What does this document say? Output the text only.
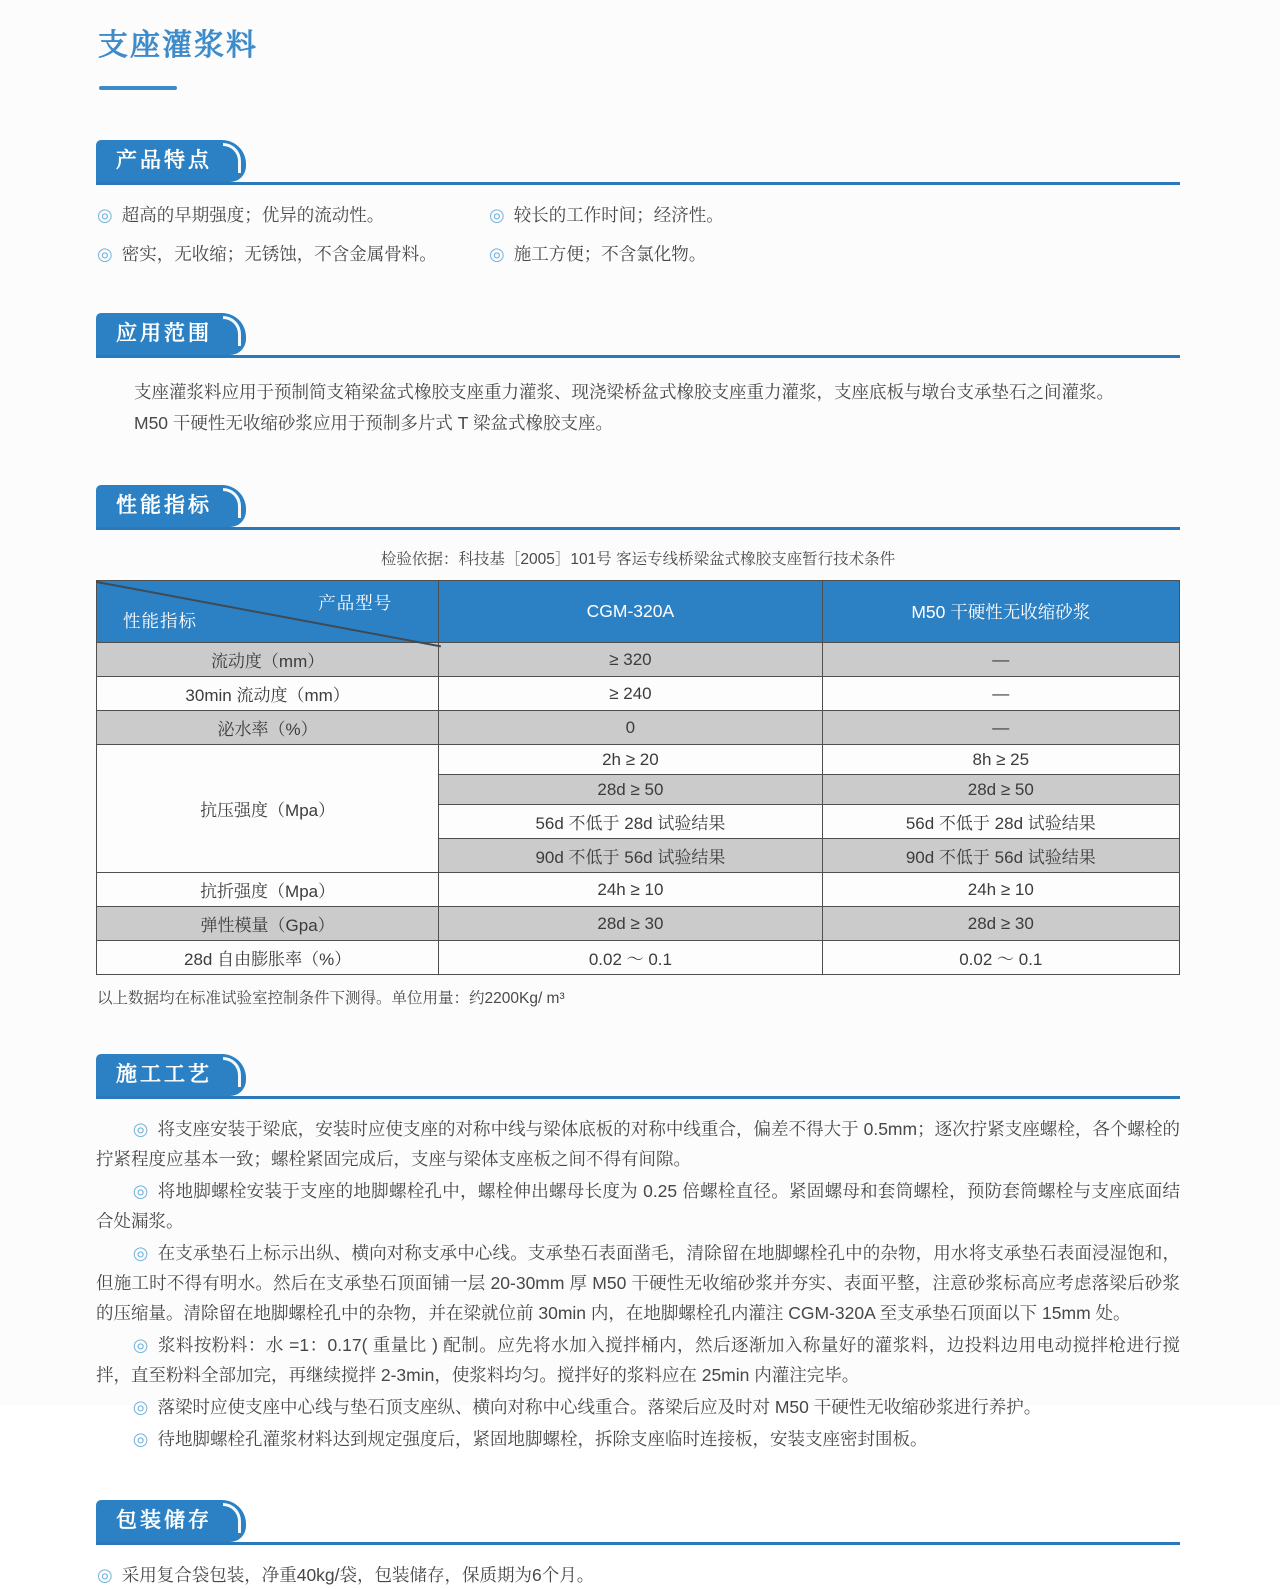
支座灌浆料
产品特点
◎ 超高的早期强度；优异的流动性。	◎ 较长的工作时间；经济性。
◎ 密实，无收缩；无锈蚀，不含金属骨料。	◎ 施工方便；不含氯化物。
应用范围

支座灌浆料应用于预制简支箱梁盆式橡胶支座重力灌浆、现浇梁桥盆式橡胶支座重力灌浆，支座底板与墩台支承垫石之间灌浆。

M50 干硬性无收缩砂浆应用于预制多片式 T 梁盆式橡胶支座。

性能指标

检验依据：科技基［2005］101号 客运专线桥梁盆式橡胶支座暂行技术条件

产品型号
性能指标	CGM-320A	M50 干硬性无收缩砂浆
流动度（mm）	≥ 320	—
30min 流动度（mm）	≥ 240	—
泌水率（%）	0	—
抗压强度（Mpa）	2h ≥ 20	8h ≥ 25
	28d ≥ 50	28d ≥ 50
	56d 不低于 28d 试验结果	56d 不低于 28d 试验结果
	90d 不低于 56d 试验结果	90d 不低于 56d 试验结果
抗折强度（Mpa）	24h ≥ 10	24h ≥ 10
弹性模量（Gpa）	28d ≥ 30	28d ≥ 30
28d 自由膨胀率（%）	0.02 ～ 0.1	0.02 ～ 0.1

以上数据均在标准试验室控制条件下测得。单位用量：约2200Kg/ m³

施工工艺

◎ 将支座安装于梁底，安装时应使支座的对称中线与梁体底板的对称中线重合，偏差不得大于 0.5mm；逐次拧紧支座螺栓，各个螺栓的拧紧程度应基本一致；螺栓紧固完成后，支座与梁体支座板之间不得有间隙。

◎ 将地脚螺栓安装于支座的地脚螺栓孔中，螺栓伸出螺母长度为 0.25 倍螺栓直径。紧固螺母和套筒螺栓，预防套筒螺栓与支座底面结合处漏浆。

◎ 在支承垫石上标示出纵、横向对称支承中心线。支承垫石表面凿毛，清除留在地脚螺栓孔中的杂物，用水将支承垫石表面浸湿饱和，但施工时不得有明水。然后在支承垫石顶面铺一层 20-30mm 厚 M50 干硬性无收缩砂浆并夯实、表面平整，注意砂浆标高应考虑落梁后砂浆的压缩量。清除留在地脚螺栓孔中的杂物，并在梁就位前 30min 内，在地脚螺栓孔内灌注 CGM-320A 至支承垫石顶面以下 15mm 处。

◎ 浆料按粉料：水 =1：0.17( 重量比 ) 配制。应先将水加入搅拌桶内，然后逐渐加入称量好的灌浆料，边投料边用电动搅拌枪进行搅拌，直至粉料全部加完，再继续搅拌 2-3min，使浆料均匀。搅拌好的浆料应在 25min 内灌注完毕。

◎ 落梁时应使支座中心线与垫石顶支座纵、横向对称中心线重合。落梁后应及时对 M50 干硬性无收缩砂浆进行养护。

◎ 待地脚螺栓孔灌浆材料达到规定强度后，紧固地脚螺栓，拆除支座临时连接板，安装支座密封围板。

包装储存
◎ 采用复合袋包装，净重40kg/袋，包装储存，保质期为6个月。
